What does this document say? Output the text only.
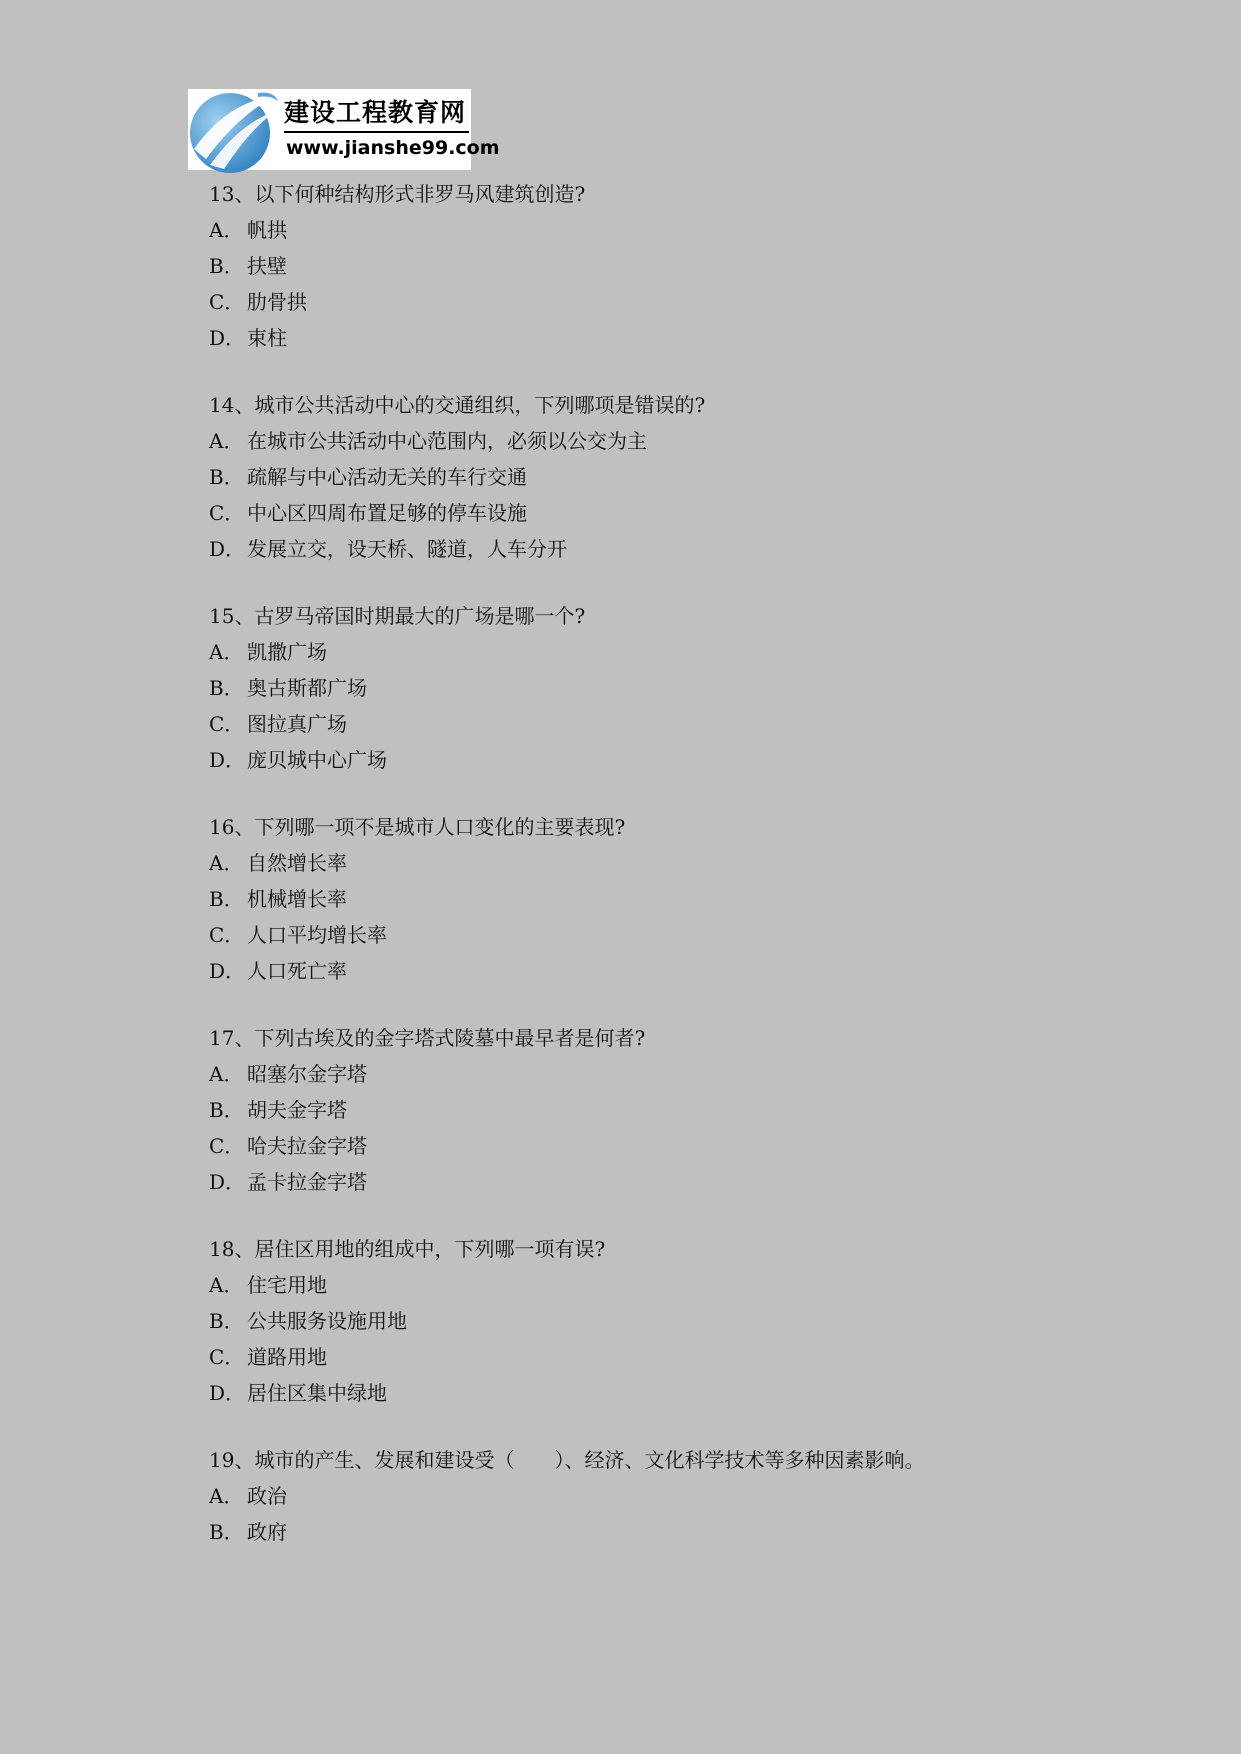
建设工程教育网
www.jianshe99.com
13、以下何种结构形式非罗马风建筑创造?
A． 帆拱
B． 扶壁
C． 肋骨拱
D．束柱
14、城市公共活动中心的交通组织，下列哪项是错误的?
A． 在城市公共活动中心范围内，必须以公交为主
B． 疏解与中心活动无关的车行交通
C． 中心区四周布置足够的停车设施
D．发展立交，设天桥、隧道，人车分开
15、古罗马帝国时期最大的广场是哪一个?
A． 凯撒广场
B． 奥古斯都广场
C． 图拉真广场
D．庞贝城中心广场
16、下列哪一项不是城市人口变化的主要表现?
A． 自然增长率
B． 机械增长率
C． 人口平均增长率
D．人口死亡率
17、下列古埃及的金字塔式陵墓中最早者是何者?
A． 昭塞尔金字塔
B． 胡夫金字塔
C． 哈夫拉金字塔
D．孟卡拉金字塔
18、居住区用地的组成中，下列哪一项有误?
A． 住宅用地
B． 公共服务设施用地
C． 道路用地
D．居住区集中绿地
19、城市的产生、发展和建设受（　　）、经济、文化科学技术等多种因素影响。
A． 政治
B． 政府
